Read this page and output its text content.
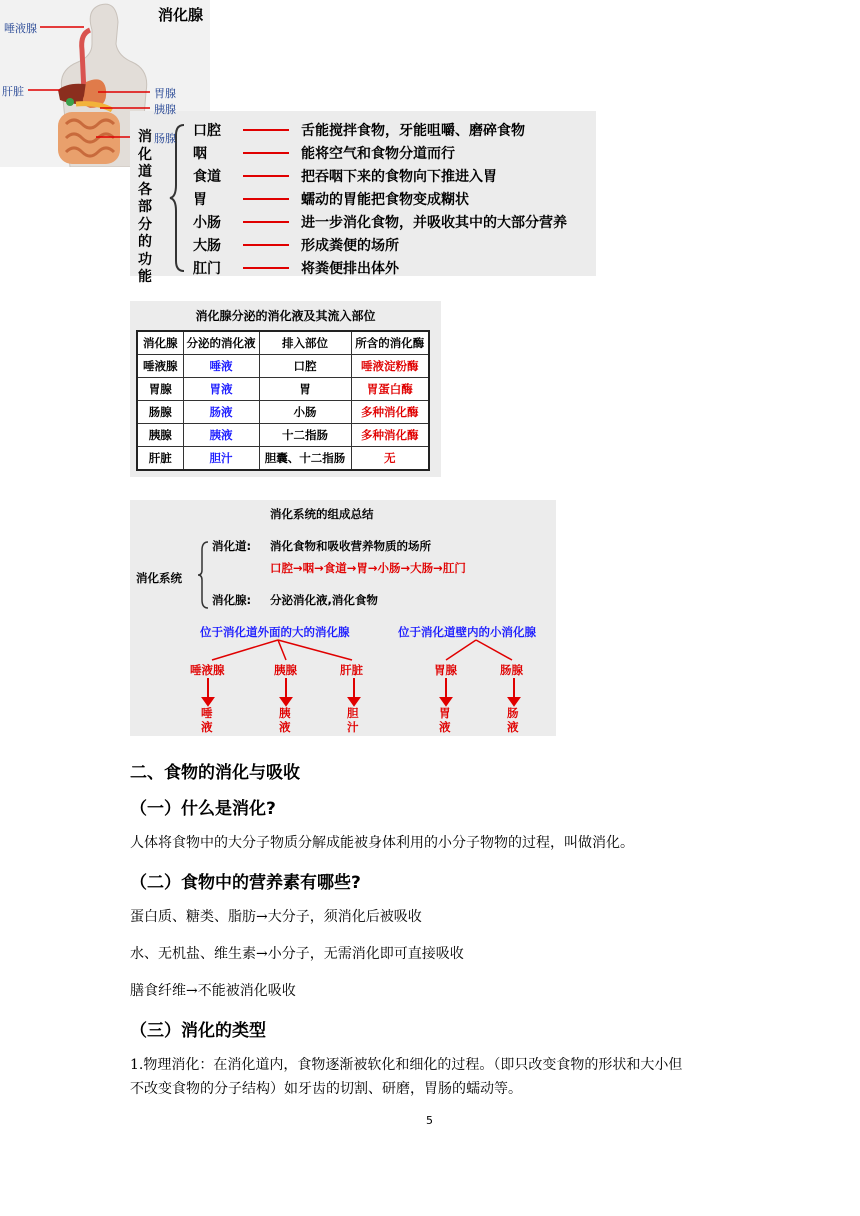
消
化
道
各
部
分
的
功
能
口腔	舌能搅拌食物，牙能咀嚼、磨碎食物
咽	能将空气和食物分道而行
食道	把吞咽下来的食物向下推进入胃
胃	蠕动的胃能把食物变成糊状
小肠	进一步消化食物，并吸收其中的大部分营养
大肠	形成粪便的场所
肛门	将粪便排出体外
消化腺分泌的消化液及其流入部位
消化腺	分泌的消化液	排入部位	所含的消化酶
唾液腺	唾液	口腔	唾液淀粉酶
胃腺	胃液	胃	胃蛋白酶
肠腺	肠液	小肠	多种消化酶
胰腺	胰液	十二指肠	多种消化酶
肝脏	胆汁	胆囊、十二指肠	无
消化腺
唾液腺
肝脏	胃腺
胰腺
肠腺
消化系统的组成总结
消化系统
消化道: 消化食物和吸收营养物质的场所
口腔→咽→食道→胃→小肠→大肠→肛门
消化腺: 分泌消化液,消化食物
位于消化道外面的大的消化腺	位于消化道壁内的小消化腺
唾液腺	胰腺	肝脏	胃腺	肠腺
唾
液
胰
液
胆
汁
胃
液
肠
液
二、食物的消化与吸收
（一）什么是消化?
人体将食物中的大分子物质分解成能被身体利用的小分子物物的过程，叫做消化。
（二）食物中的营养素有哪些?
蛋白质、糖类、脂肪→大分子，须消化后被吸收
水、无机盐、维生素→小分子，无需消化即可直接吸收
膳食纤维→不能被消化吸收
（三）消化的类型
1.物理消化：在消化道内，食物逐渐被软化和细化的过程。（即只改变食物的形状和大小但
不改变食物的分子结构）如牙齿的切割、研磨，胃肠的蠕动等。
5
